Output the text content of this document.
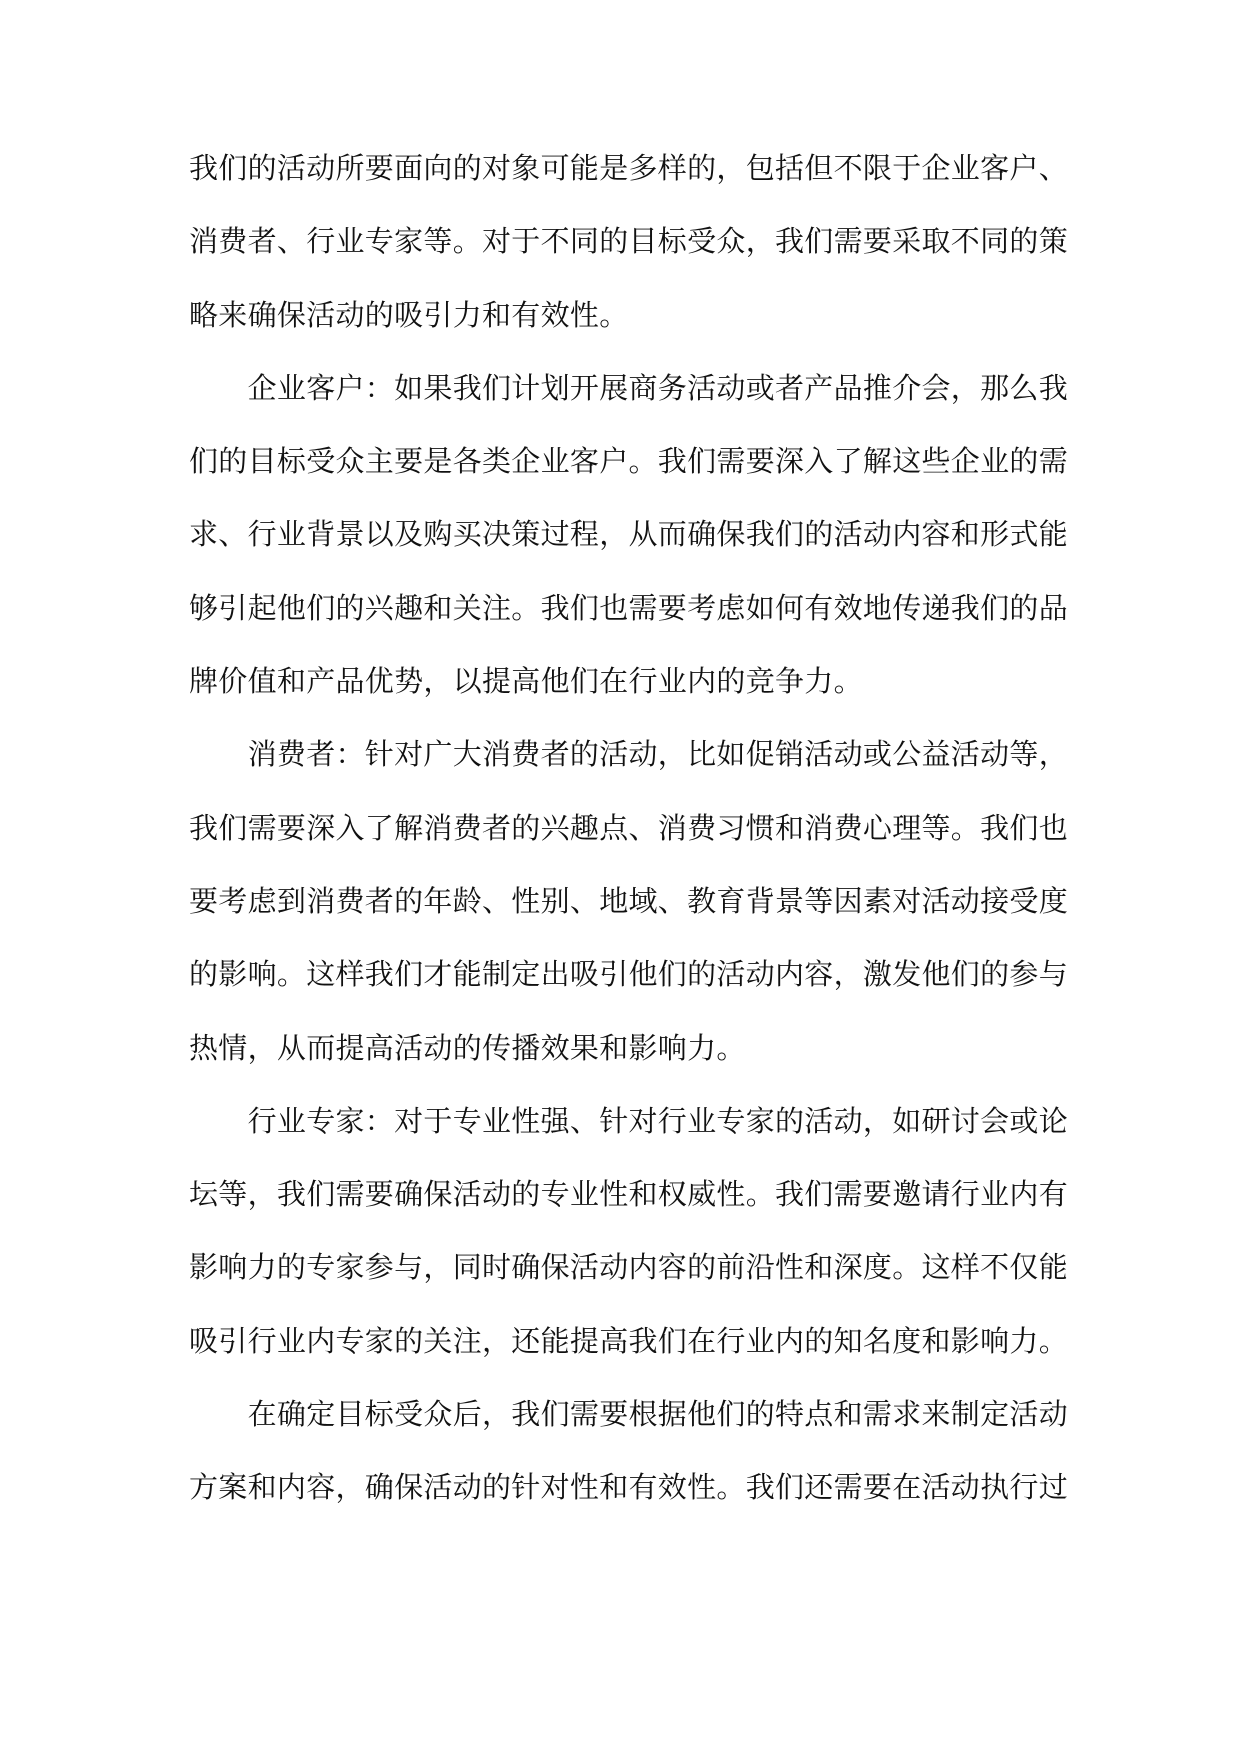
我们的活动所要面向的对象可能是多样的，包括但不限于企业客户、
消费者、行业专家等。对于不同的目标受众，我们需要采取不同的策
略来确保活动的吸引力和有效性。
　　企业客户：如果我们计划开展商务活动或者产品推介会，那么我
们的目标受众主要是各类企业客户。我们需要深入了解这些企业的需
求、行业背景以及购买决策过程，从而确保我们的活动内容和形式能
够引起他们的兴趣和关注。我们也需要考虑如何有效地传递我们的品
牌价值和产品优势，以提高他们在行业内的竞争力。
　　消费者：针对广大消费者的活动，比如促销活动或公益活动等，
我们需要深入了解消费者的兴趣点、消费习惯和消费心理等。我们也
要考虑到消费者的年龄、性别、地域、教育背景等因素对活动接受度
的影响。这样我们才能制定出吸引他们的活动内容，激发他们的参与
热情，从而提高活动的传播效果和影响力。
　　行业专家：对于专业性强、针对行业专家的活动，如研讨会或论
坛等，我们需要确保活动的专业性和权威性。我们需要邀请行业内有
影响力的专家参与，同时确保活动内容的前沿性和深度。这样不仅能
吸引行业内专家的关注，还能提高我们在行业内的知名度和影响力。
　　在确定目标受众后，我们需要根据他们的特点和需求来制定活动
方案和内容，确保活动的针对性和有效性。我们还需要在活动执行过
